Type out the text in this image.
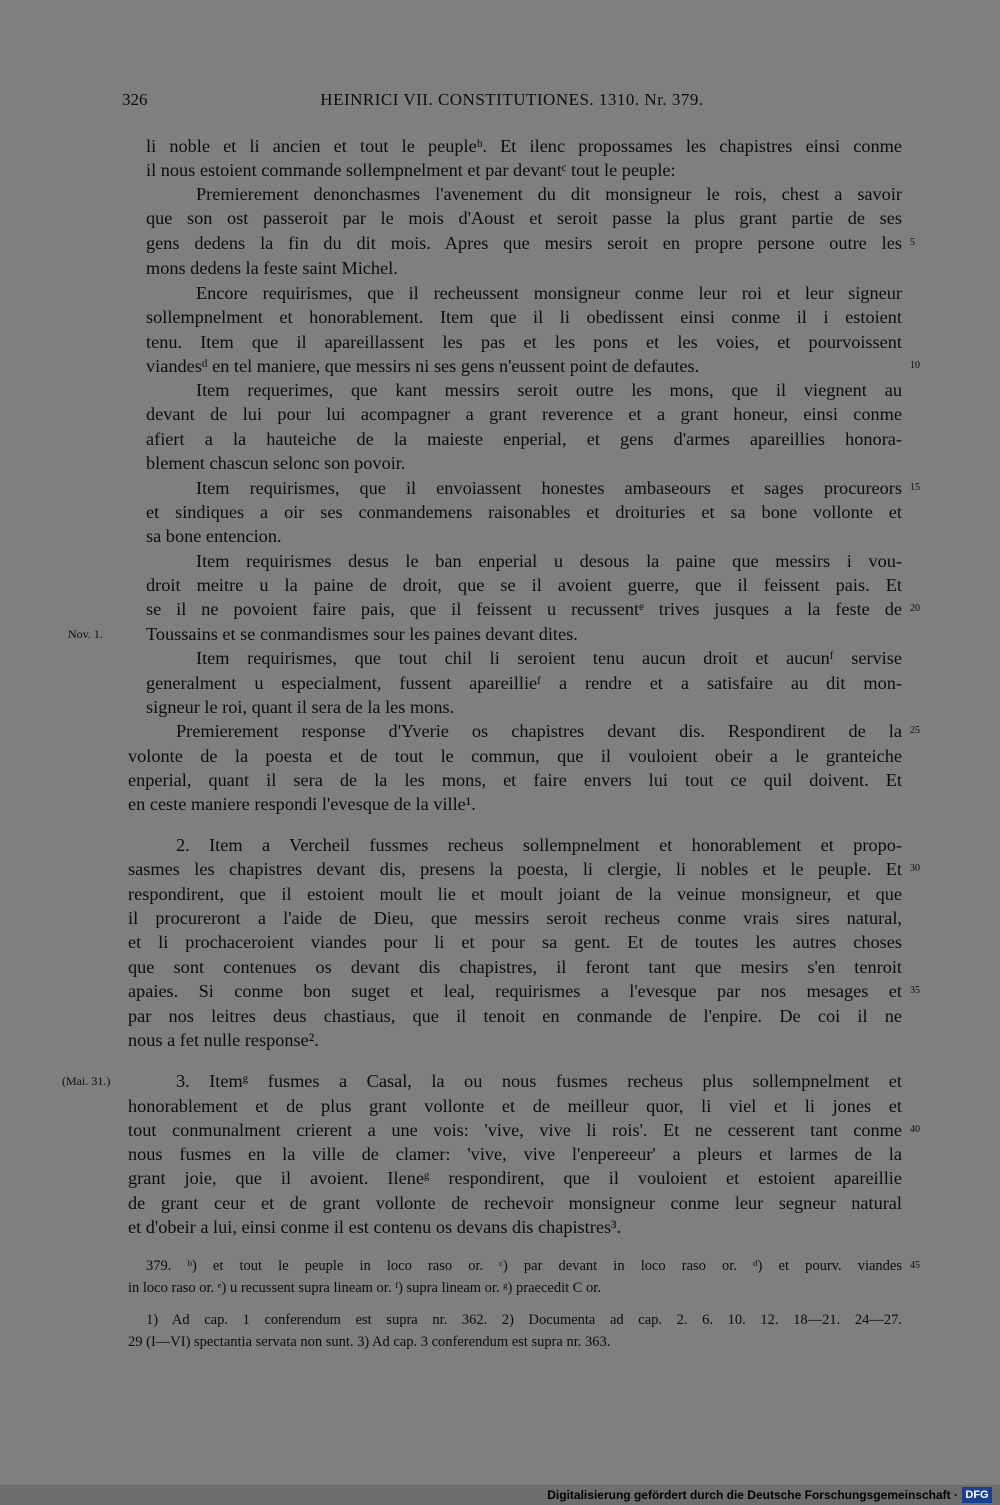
326	HEINRICI VII. CONSTITUTIONES. 1310. Nr. 379.
li noble et li ancien et tout le peupleᵇ. Et ilenc propossames les chapistres einsi conme
il nous estoient commande sollempnelment et par devantᶜ tout le peuple:
Premierement denonchasmes l'avenement du dit monsigneur le rois, chest a savoir
que son ost passeroit par le mois d'Aoust et seroit passe la plus grant partie de ses
gens dedens la fin du dit mois. Apres que mesirs seroit en propre persone outre les
mons dedens la feste saint Michel.
Encore requirismes, que il recheussent monsigneur conme leur roi et leur signeur
sollempnelment et honorablement. Item que il li obedissent einsi conme il i estoient
tenu. Item que il apareillassent les pas et les pons et les voies, et pourvoissent
viandesᵈ en tel maniere, que messirs ni ses gens n'eussent point de defautes.
Item requerimes, que kant messirs seroit outre les mons, que il viegnent au
devant de lui pour lui acompagner a grant reverence et a grant honeur, einsi conme
afiert a la hauteiche de la maieste enperial, et gens d'armes apareillies honora-
blement chascun selonc son povoir.
Item requirismes, que il envoiassent honestes ambaseours et sages procureors
et sindiques a oir ses conmandemens raisonables et droituries et sa bone vollonte et
sa bone entencion.
Item requirismes desus le ban enperial u desous la paine que messirs i vou-
droit meitre u la paine de droit, que se il avoient guerre, que il feissent pais. Et
se il ne povoient faire pais, que il feissent u recussentᵉ trives jusques a la feste de
Toussains et se conmandismes sour les paines devant dites.
Item requirismes, que tout chil li seroient tenu aucun droit et aucunᶠ servise
generalment u especialment, fussent apareillieᶠ a rendre et a satisfaire au dit mon-
signeur le roi, quant il sera de la les mons.
Premierement response d'Yverie os chapistres devant dis. Respondirent de la
volonte de la poesta et de tout le commun, que il vouloient obeir a le granteiche
enperial, quant il sera de la les mons, et faire envers lui tout ce quil doivent. Et
en ceste maniere respondi l'evesque de la ville¹.
2. Item a Vercheil fussmes recheus sollempnelment et honorablement et propo-
sasmes les chapistres devant dis, presens la poesta, li clergie, li nobles et le peuple. Et
respondirent, que il estoient moult lie et moult joiant de la veinue monsigneur, et que
il procureront a l'aide de Dieu, que messirs seroit recheus conme vrais sires natural,
et li prochaceroient viandes pour li et pour sa gent. Et de toutes les autres choses
que sont contenues os devant dis chapistres, il feront tant que mesirs s'en tenroit
apaies. Si conme bon suget et leal, requirismes a l'evesque par nos mesages et
par nos leitres deus chastiaus, que il tenoit en conmande de l'enpire. De coi il ne
nous a fet nulle response².
3. Itemᵍ fusmes a Casal, la ou nous fusmes recheus plus sollempnelment et
honorablement et de plus grant vollonte et de meilleur quor, li viel et li jones et
tout conmunalment crierent a une vois: 'vive, vive li rois'. Et ne cesserent tant conme
nous fusmes en la ville de clamer: 'vive, vive l'enpereeur' a pleurs et larmes de la
grant joie, que il avoient. Ileneᵍ respondirent, que il vouloient et estoient apareillie
de grant ceur et de grant vollonte de rechevoir monsigneur conme leur segneur natural
et d'obeir a lui, einsi conme il est contenu os devans dis chapistres³.
5
10
15
20
25
30
35
40
45
Nov. 1.
(Mai. 31.)
379. ᵇ) et tout le peuple in loco raso or. ᶜ) par devant in loco raso or. ᵈ) et pourv. viandes
in loco raso or. ᵉ) u recussent supra lineam or. ᶠ) supra lineam or. ᵍ) praecedit C or.
1) Ad cap. 1 conferendum est supra nr. 362. 2) Documenta ad cap. 2. 6. 10. 12. 18—21. 24—27.
29 (I—VI) spectantia servata non sunt. 3) Ad cap. 3 conferendum est supra nr. 363.
Digitalisierung gefördert durch die Deutsche Forschungsgemeinschaft · DFG
